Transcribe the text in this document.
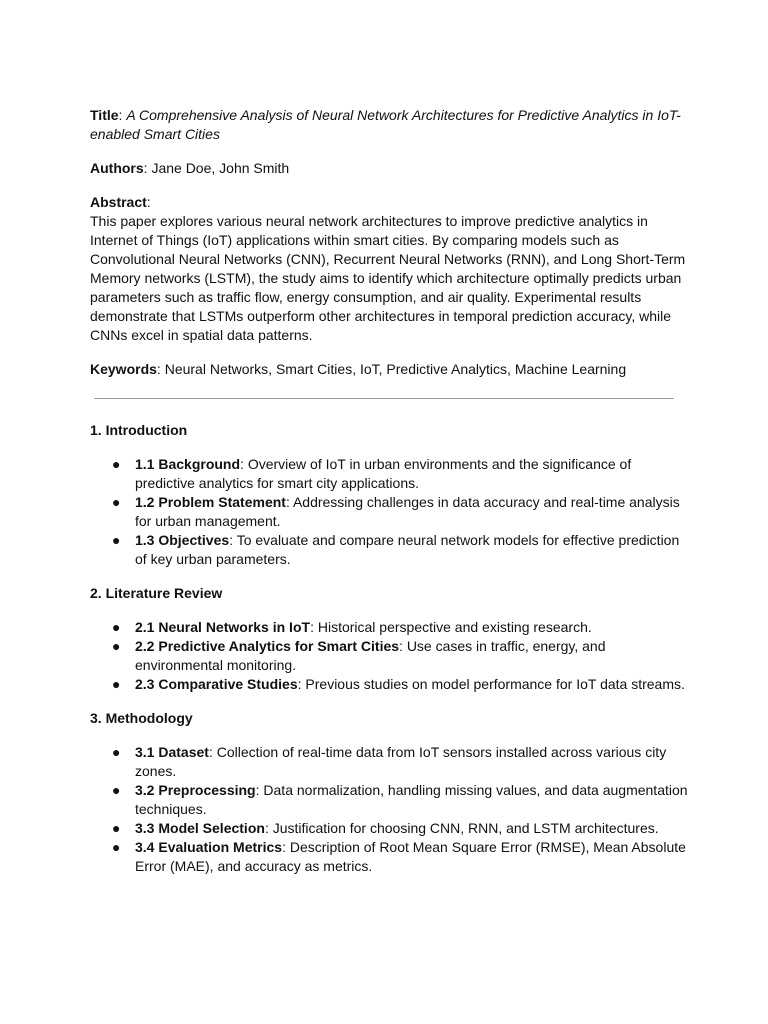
Title: A Comprehensive Analysis of Neural Network Architectures for Predictive Analytics in IoT-enabled Smart Cities

Authors: Jane Doe, John Smith

Abstract:

This paper explores various neural network architectures to improve predictive analytics in Internet of Things (IoT) applications within smart cities. By comparing models such as Convolutional Neural Networks (CNN), Recurrent Neural Networks (RNN), and Long Short-Term Memory networks (LSTM), the study aims to identify which architecture optimally predicts urban parameters such as traffic flow, energy consumption, and air quality. Experimental results demonstrate that LSTMs outperform other architectures in temporal prediction accuracy, while CNNs excel in spatial data patterns.

Keywords: Neural Networks, Smart Cities, IoT, Predictive Analytics, Machine Learning

1. Introduction

● 1.1 Background: Overview of IoT in urban environments and the significance of predictive analytics for smart city applications.
● 1.2 Problem Statement: Addressing challenges in data accuracy and real-time analysis for urban management.
● 1.3 Objectives: To evaluate and compare neural network models for effective prediction of key urban parameters.

2. Literature Review

● 2.1 Neural Networks in IoT: Historical perspective and existing research.
● 2.2 Predictive Analytics for Smart Cities: Use cases in traffic, energy, and environmental monitoring.
● 2.3 Comparative Studies: Previous studies on model performance for IoT data streams.

3. Methodology

● 3.1 Dataset: Collection of real-time data from IoT sensors installed across various city zones.
● 3.2 Preprocessing: Data normalization, handling missing values, and data augmentation techniques.
● 3.3 Model Selection: Justification for choosing CNN, RNN, and LSTM architectures.
● 3.4 Evaluation Metrics: Description of Root Mean Square Error (RMSE), Mean Absolute Error (MAE), and accuracy as metrics.
